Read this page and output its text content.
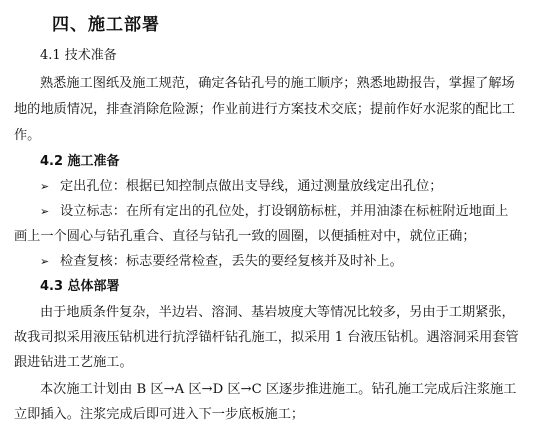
四、施工部署
4.1 技术准备
熟悉施工图纸及施工规范，确定各钻孔号的施工顺序；熟悉地勘报告，掌握了解场
地的地质情况，排查消除危险源；作业前进行方案技术交底；提前作好水泥浆的配比工
作。
4.2 施工准备
➢ 定出孔位：根据已知控制点做出支导线，通过测量放线定出孔位；
➢ 设立标志：在所有定出的孔位处，打设钢筋标桩，并用油漆在标桩附近地面上
画上一个圆心与钻孔重合、直径与钻孔一致的圆圈，以便插桩对中，就位正确；
➢ 检查复核：标志要经常检查，丢失的要经复核并及时补上。
4.3 总体部署
由于地质条件复杂，半边岩、溶洞、基岩坡度大等情况比较多，另由于工期紧张，
故我司拟采用液压钻机进行抗浮锚杆钻孔施工，拟采用 1 台液压钻机。遇溶洞采用套管
跟进钻进工艺施工。
本次施工计划由 B 区→A 区→D 区→C 区逐步推进施工。钻孔施工完成后注浆施工
立即插入。注浆完成后即可进入下一步底板施工；
